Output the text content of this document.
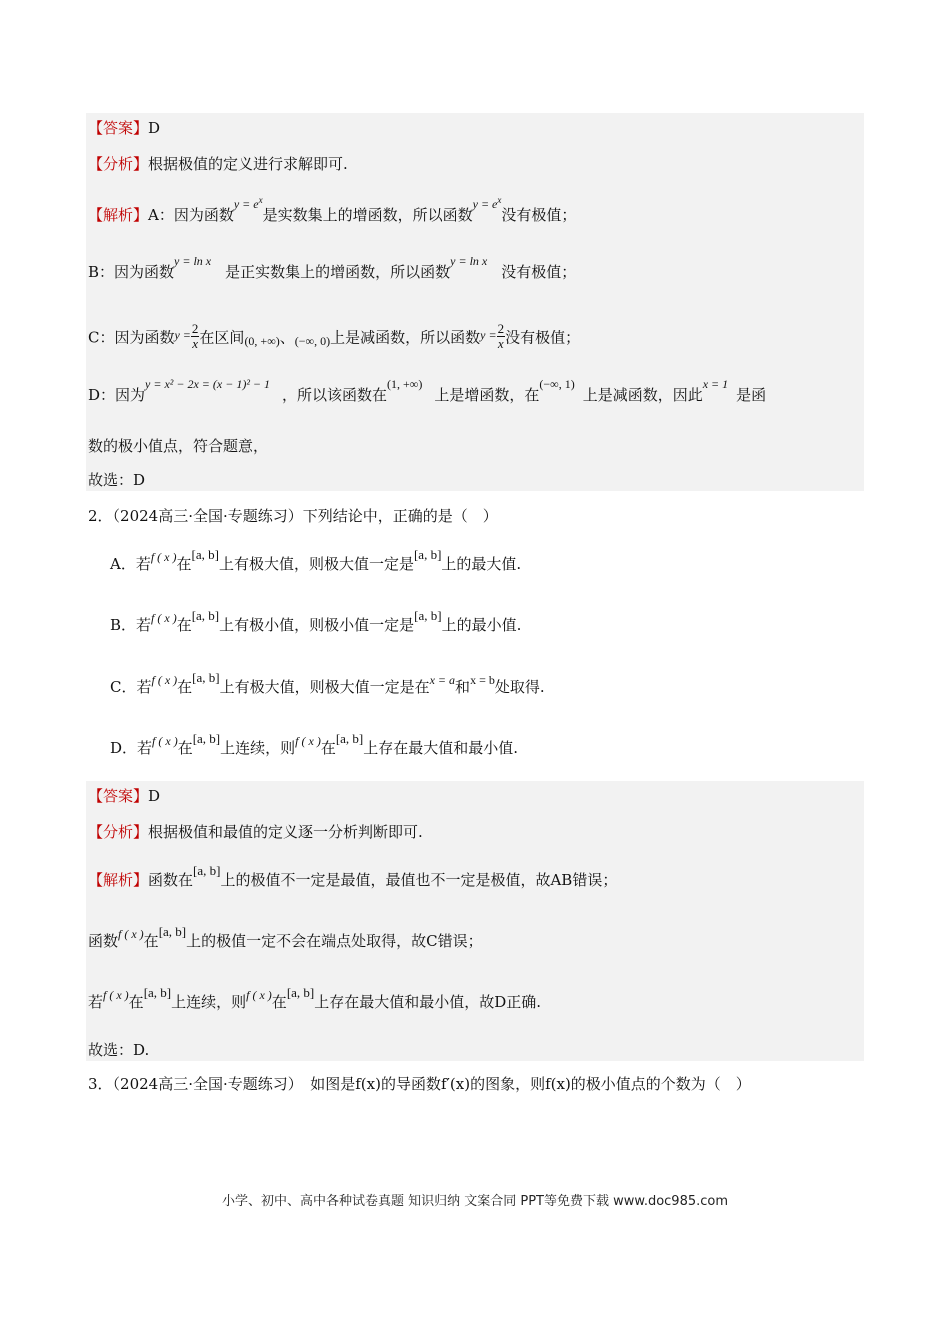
【答案】D
【分析】根据极值的定义进行求解即可.
【解析】A：因为函数$^{y = e^x}$是实数集上的增函数，所以函数$^{y = e^x}$没有极值；
B：因为函数$^{y = ln x}$是正实数集上的增函数，所以函数$^{y = ln x}$没有极值；
C：因为函数$^{y =} \frac{2}{x}$ 在区间(0, +∞)、(−∞, 0)上是减函数，所以函数$^{y =} \frac{2}{x}$ 没有极值；
D：因为$^{y = x^2 - 2x = (x - 1)^2 - 1}$，所以该函数在$^{(1, +\infty)}$上是增函数，在$^{(-\infty, 1)}$上是减函数，因此$^{x = 1}$是函
数的极小值点，符合题意，
故选：D
2．（2024高三·全国·专题练习）下列结论中，正确的是（　）
A．若$^{f ( x )}$在[a, b]上有极大值，则极大值一定是[a, b]上的最大值.
B．若$^{f ( x )}$在[a, b]上有极小值，则极小值一定是[a, b]上的最小值.
C．若$^{f ( x )}$在[a, b]上有极大值，则极大值一定是在$^{x = a}$和$^{x = b}$处取得.
D．若$^{f ( x )}$在[a, b]上连续，则$^{f ( x )}$在[a, b]上存在最大值和最小值.
【答案】D
【分析】根据极值和最值的定义逐一分析判断即可.
【解析】函数在[a, b]上的极值不一定是最值，最值也不一定是极值，故AB错误；
函数$^{f ( x )}$在[a, b]上的极值一定不会在端点处取得，故C错误；
若$^{f ( x )}$在[a, b]上连续，则$^{f ( x )}$在[a, b]上存在最大值和最小值，故D正确.
故选：D.
3．（2024高三·全国·专题练习）　如图是f(x)的导函数f′(x)的图象，则f(x)的极小值点的个数为（　）
小学、初中、高中各种试卷真题 知识归纳 文案合同 PPT等免费下载 www.doc985.com
